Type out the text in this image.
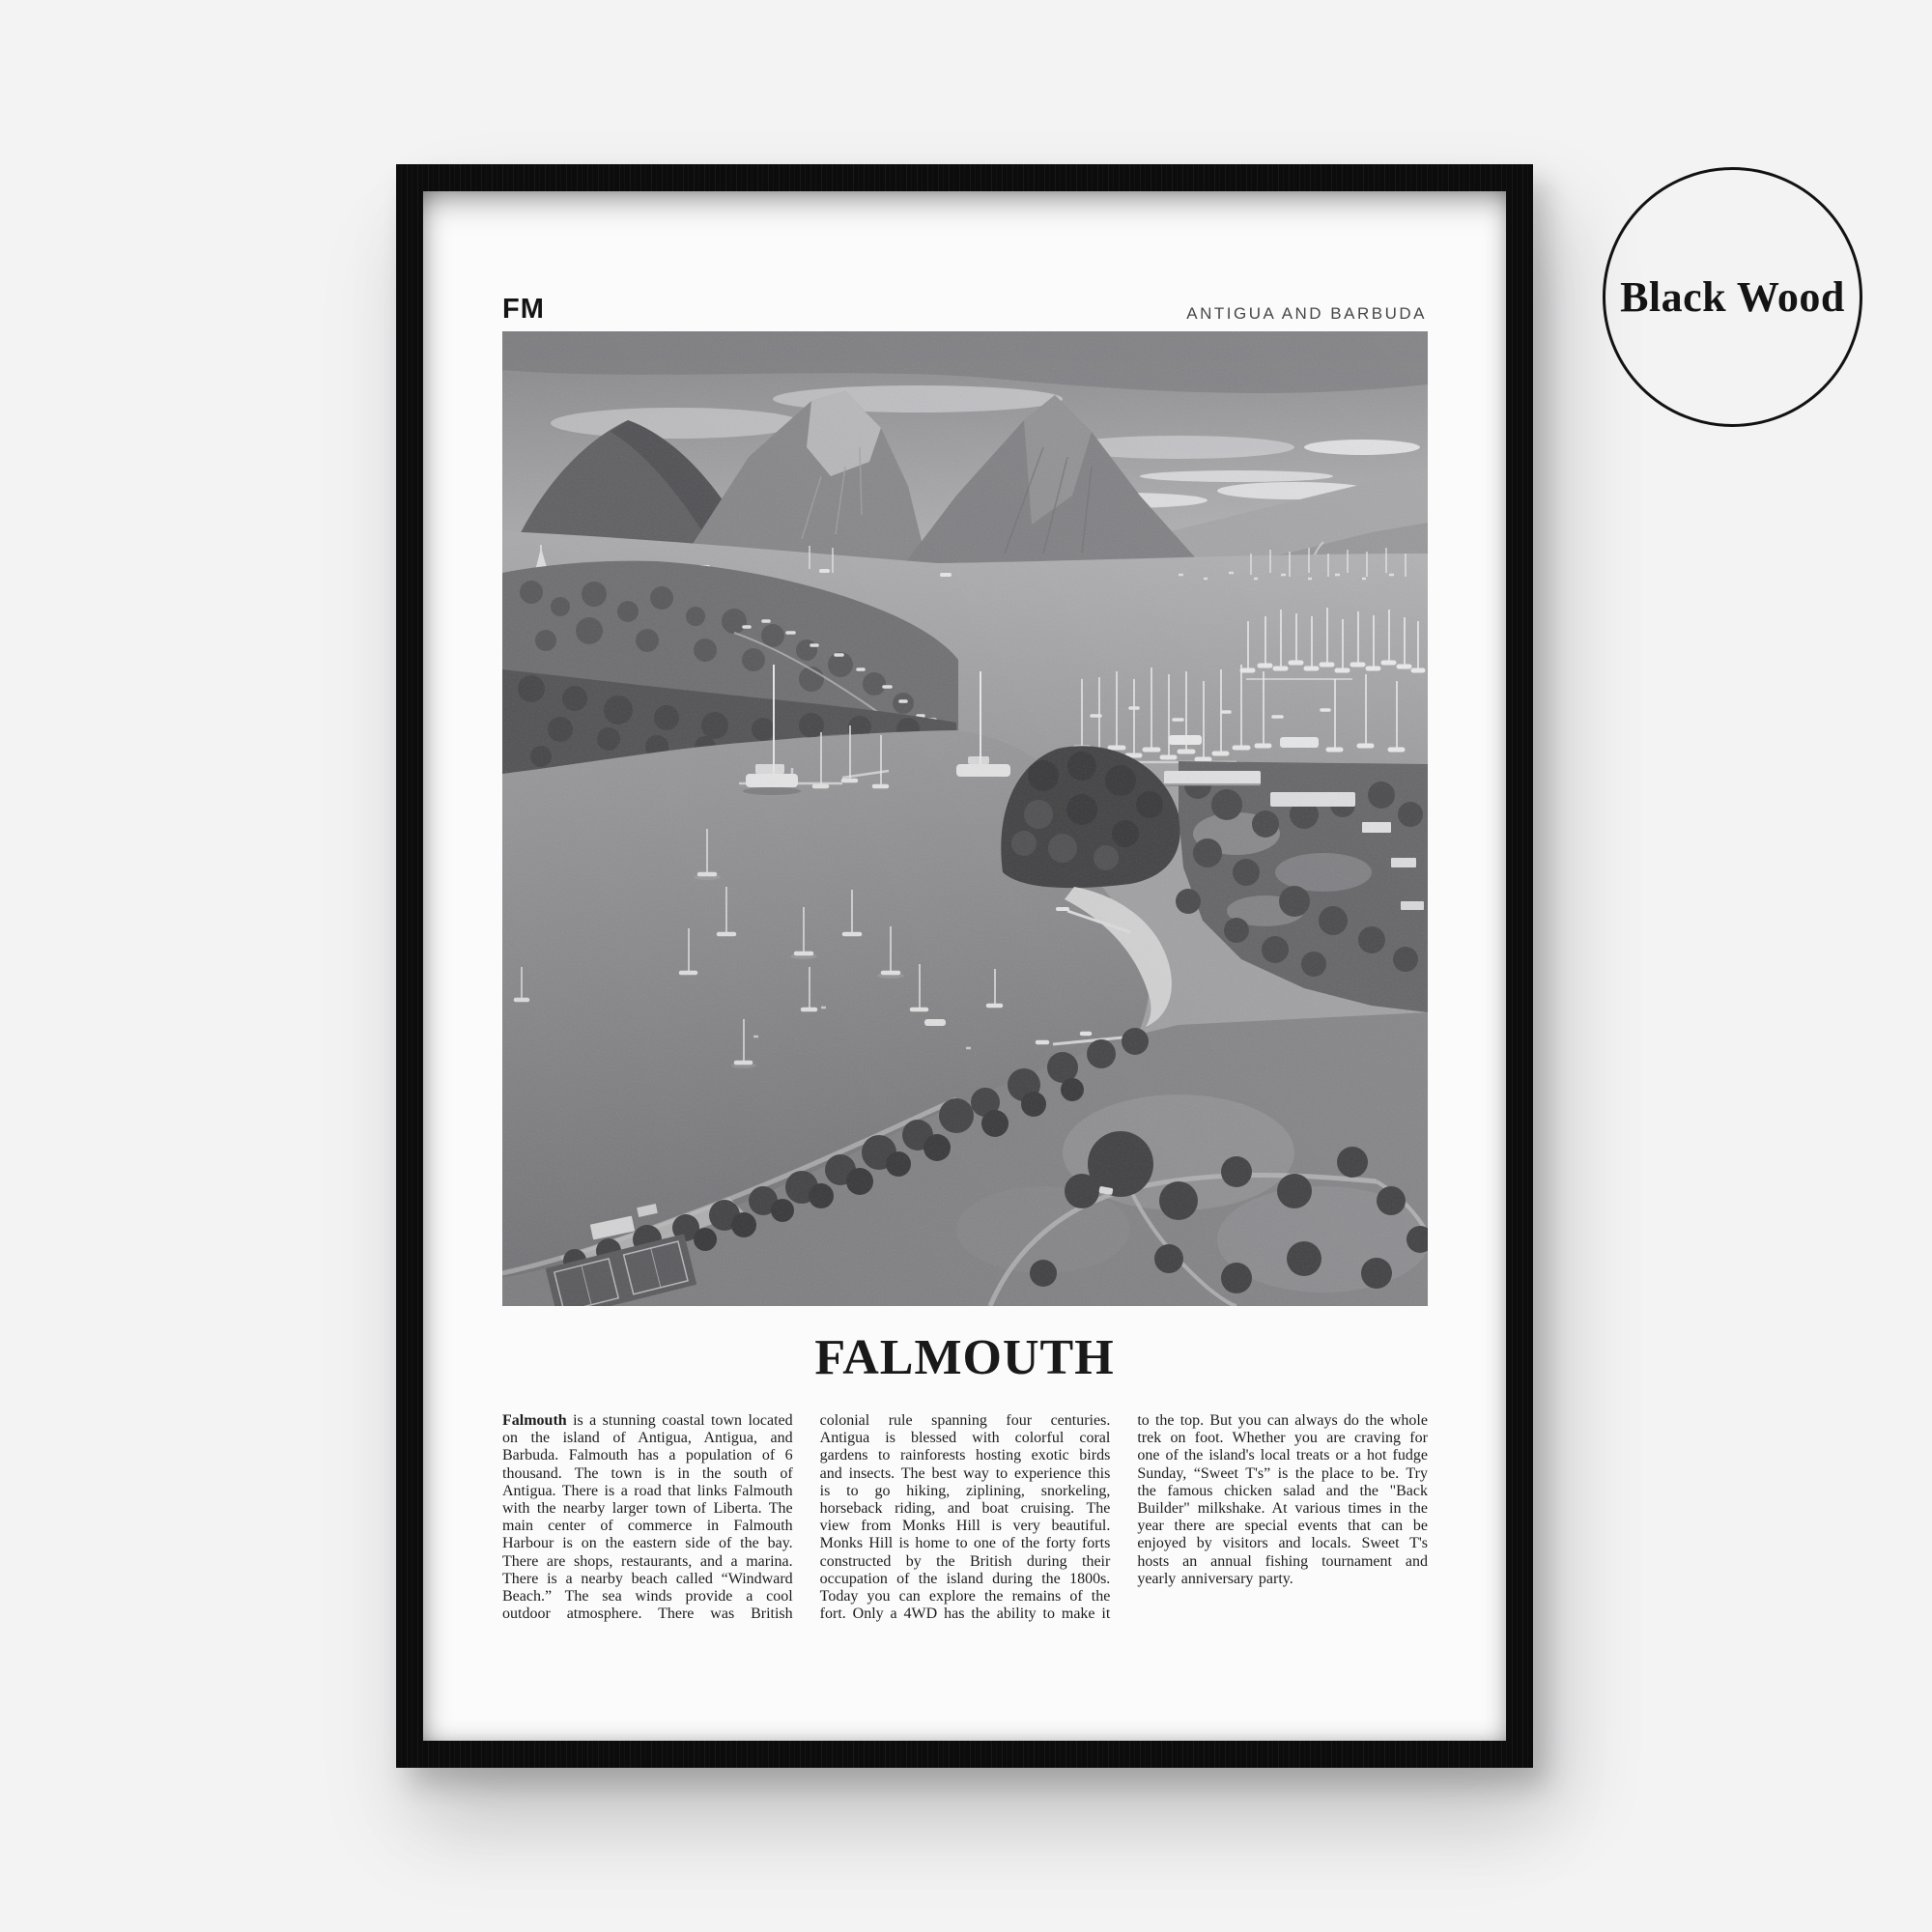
FM	ANTIGUA AND BARBUDA
FALMOUTH
Falmouth is a stunning coastal town located on the island of Antigua, Antigua, and Barbuda. Falmouth has a population of 6 thousand. The town is in the south of Antigua. There is a road that links Falmouth with the nearby larger town of Liberta. The main center of commerce in Falmouth Harbour is on the eastern side of the bay. There are shops, restaurants, and a marina. There is a nearby beach called “Windward Beach.” The sea winds provide a cool outdoor atmosphere. There was British colonial rule spanning four centuries. Antigua is blessed with colorful coral gardens to rainforests hosting exotic birds and insects. The best way to experience this is to go hiking, ziplining, snorkeling, horseback riding, and boat cruising. The view from Monks Hill is very beautiful. Monks Hill is home to one of the forty forts constructed by the British during their occupation of the island during the 1800s. Today you can explore the remains of the fort. Only a 4WD has the ability to make it to the top. But you can always do the whole trek on foot. Whether you are craving for one of the island's local treats or a hot fudge Sunday, “Sweet T's” is the place to be. Try the famous chicken salad and the "Back Builder" milkshake. At various times in the year there are special events that can be enjoyed by visitors and locals. Sweet T's hosts an annual fishing tournament and yearly anniversary party.
Black Wood
